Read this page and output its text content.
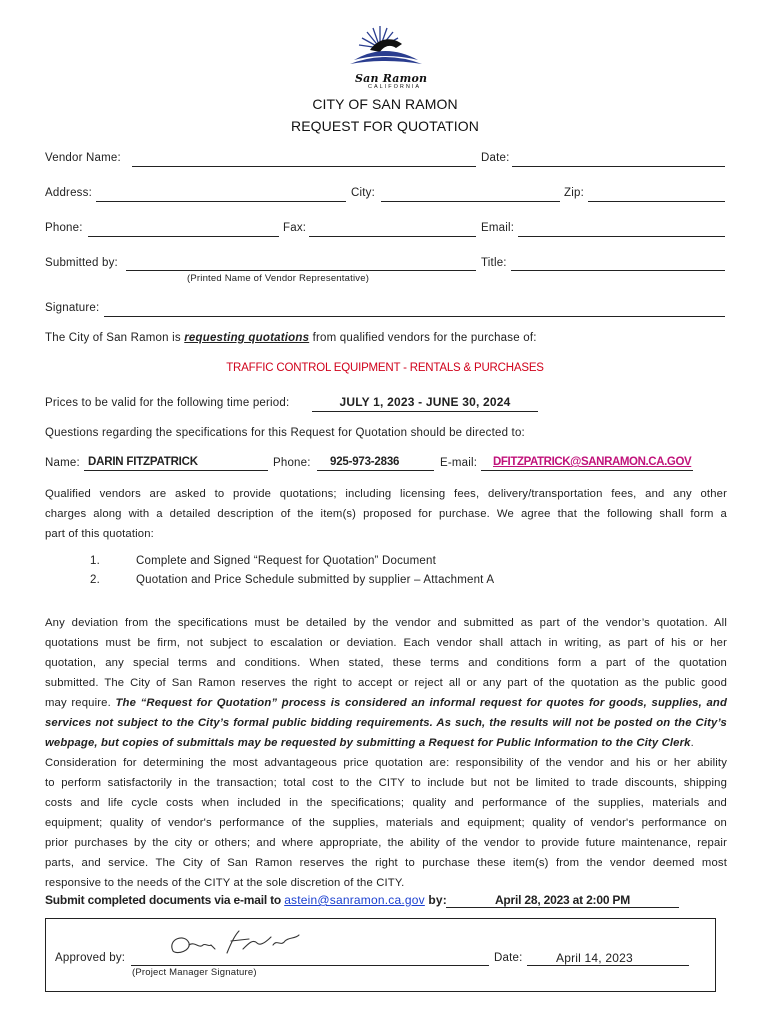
San Ramon
CALIFORNIA
CITY OF SAN RAMON
REQUEST FOR QUOTATION
Vendor Name:	Date:
Address:	City:	Zip:
Phone:	Fax:	Email:
Submitted by:	Title:
(Printed Name of Vendor Representative)
Signature:
The City of San Ramon is requesting quotations from qualified vendors for the purchase of:
TRAFFIC CONTROL EQUIPMENT - RENTALS & PURCHASES
Prices to be valid for the following time period:	JULY 1, 2023 - JUNE 30, 2024
Questions regarding the specifications for this Request for Quotation should be directed to:
Name: DARIN FITZPATRICK	Phone: 925-973-2836	E-mail: DFITZPATRICK@SANRAMON.CA.GOV
Qualified vendors are asked to provide quotations; including licensing fees, delivery/transportation fees, and any other
charges along with a detailed description of the item(s) proposed for purchase. We agree that the following shall form a
part of this quotation:
1.	Complete and Signed “Request for Quotation” Document
2.	Quotation and Price Schedule submitted by supplier – Attachment A
Any deviation from the specifications must be detailed by the vendor and submitted as part of the vendor’s quotation. All
quotations must be firm, not subject to escalation or deviation. Each vendor shall attach in writing, as part of his or her
quotation, any special terms and conditions. When stated, these terms and conditions form a part of the quotation
submitted. The City of San Ramon reserves the right to accept or reject all or any part of the quotation as the public good
may require. The “Request for Quotation” process is considered an informal request for quotes for goods, supplies, and
services not subject to the City’s formal public bidding requirements. As such, the results will not be posted on the City’s
webpage, but copies of submittals may be requested by submitting a Request for Public Information to the City Clerk.
Consideration for determining the most advantageous price quotation are: responsibility of the vendor and his or her ability
to perform satisfactorily in the transaction; total cost to the CITY to include but not be limited to trade discounts, shipping
costs and life cycle costs when included in the specifications; quality and performance of the supplies, materials and
equipment; quality of vendor's performance of the supplies, materials and equipment; quality of vendor's performance on
prior purchases by the city or others; and where appropriate, the ability of the vendor to provide future maintenance, repair
parts, and service. The City of San Ramon reserves the right to purchase these item(s) from the vendor deemed most
responsive to the needs of the CITY at the sole discretion of the CITY.
Submit completed documents via e-mail to astein@sanramon.ca.gov by:	April 28, 2023 at 2:00 PM
Approved by:
(Project Manager Signature)
Date:	April 14, 2023
